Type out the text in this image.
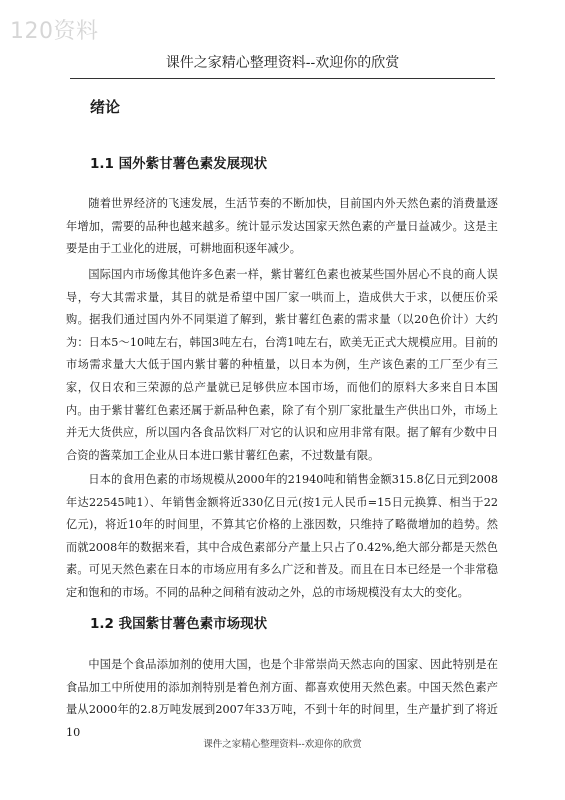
120资料
课件之家精心整理资料--欢迎你的欣赏
绪论
1.1 国外紫甘薯色素发展现状

随着世界经济的飞速发展，生活节奏的不断加快，目前国内外天然色素的消费量逐年增加，需要的品种也越来越多。统计显示发达国家天然色素的产量日益减少。这是主要是由于工业化的进展，可耕地面积逐年减少。

国际国内市场像其他许多色素一样，紫甘薯红色素也被某些国外居心不良的商人误导，夸大其需求量，其目的就是希望中国厂家一哄而上，造成供大于求，以便压价采购。据我们通过国内外不同渠道了解到，紫甘薯红色素的需求量（以20色价计）大约为：日本5～10吨左右，韩国3吨左右，台湾1吨左右，欧美无正式大规模应用。目前的市场需求量大大低于国内紫甘薯的种植量，以日本为例，生产该色素的工厂至少有三家，仅日农和三荣源的总产量就已足够供应本国市场，而他们的原料大多来自日本国内。由于紫甘薯红色素还属于新品种色素，除了有个别厂家批量生产供出口外，市场上并无大货供应，所以国内各食品饮料厂对它的认识和应用非常有限。据了解有少数中日合资的酱菜加工企业从日本进口紫甘薯红色素，不过数量有限。

日本的食用色素的市场规模从2000年的21940吨和销售金额315.8亿日元到2008年达22545吨1）、年销售金额将近330亿日元(按1元人民币=15日元换算、相当于22亿元)，将近10年的时间里，不算其它价格的上涨因数，只维持了略微增加的趋势。然而就2008年的数据来看，其中合成色素部分产量上只占了0.42%,绝大部分都是天然色素。可见天然色素在日本的市场应用有多么广泛和普及。而且在日本已经是一个非常稳定和饱和的市场。不同的品种之间稍有波动之外，总的市场规模没有太大的变化。

1.2 我国紫甘薯色素市场现状

中国是个食品添加剂的使用大国，也是个非常崇尚天然志向的国家、因此特别是在食品加工中所使用的添加剂特别是着色剂方面、都喜欢使用天然色素。中国天然色素产量从2000年的2.8万吨发展到2007年33万吨，不到十年的时间里，生产量扩到了将近10

课件之家精心整理资料--欢迎你的欣赏
